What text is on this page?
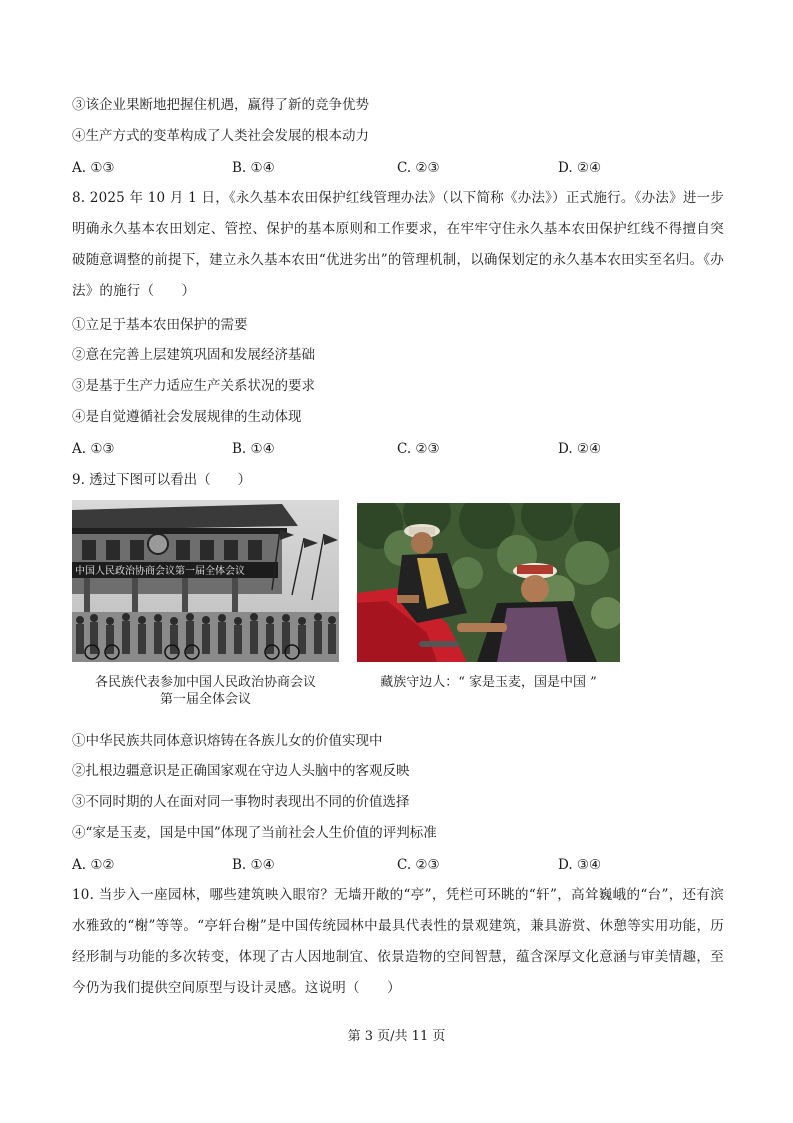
③该企业果断地把握住机遇，赢得了新的竞争优势
④生产方式的变革构成了人类社会发展的根本动力
A. ①③	B. ①④	C. ②③	D. ②④
8. 2025 年 10 月 1 日，《永久基本农田保护红线管理办法》（以下简称《办法》）正式施行。《办法》进一步明确永久基本农田划定、管控、保护的基本原则和工作要求，在牢牢守住永久基本农田保护红线不得擅自突破随意调整的前提下，建立永久基本农田“优进劣出”的管理机制，以确保划定的永久基本农田实至名归。《办法》的施行（　　）
①立足于基本农田保护的需要
②意在完善上层建筑巩固和发展经济基础
③是基于生产力适应生产关系状况的要求
④是自觉遵循社会发展规律的生动体现
A. ①③	B. ①④	C. ②③	D. ②④
9. 透过下图可以看出（　　）
中国人民政治协商会议第一届全体会议
各民族代表参加中国人民政治协商会议
第一届全体会议
藏族守边人：“ 家是玉麦，国是中国 ”
①中华民族共同体意识熔铸在各族儿女的价值实现中
②扎根边疆意识是正确国家观在守边人头脑中的客观反映
③不同时期的人在面对同一事物时表现出不同的价值选择
④“家是玉麦，国是中国”体现了当前社会人生价值的评判标准
A. ①②	B. ①④	C. ②③	D. ③④
10. 当步入一座园林，哪些建筑映入眼帘？无墙开敞的“亭”，凭栏可环眺的“轩”，高耸巍峨的“台”，还有滨水雅致的“榭”等等。“亭轩台榭”是中国传统园林中最具代表性的景观建筑，兼具游赏、休憩等实用功能，历经形制与功能的多次转变，体现了古人因地制宜、依景造物的空间智慧，蕴含深厚文化意涵与审美情趣，至今仍为我们提供空间原型与设计灵感。这说明（　　）
第 3 页/共 11 页
